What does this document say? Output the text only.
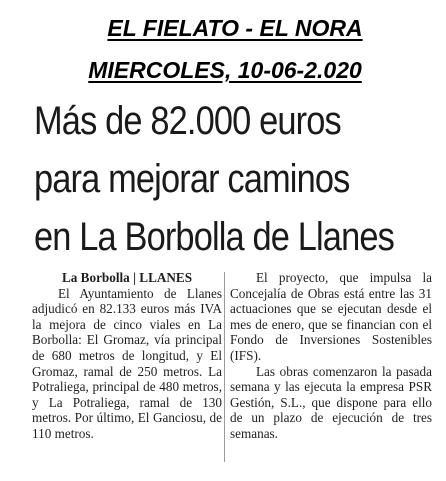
EL FIELATO - EL NORA
MIERCOLES, 10-06-2.020
Más de 82.000 euros
para mejorar caminos
en La Borbolla de Llanes
La Borbolla | LLANES

El Ayuntamiento de Llanes adjudicó en 82.133 euros más IVA la mejora de cinco viales en La Borbolla: El Gromaz, vía principal de 680 metros de longitud, y El Gromaz, ramal de 250 metros. La Potraliega, principal de 480 metros, y La Potraliega, ramal de 130 metros. Por último, El Ganciosu, de 110 metros.

El proyecto, que impulsa la Concejalía de Obras está entre las 31 actuaciones que se ejecutan desde el mes de enero, que se financian con el Fondo de Inversiones Sostenibles (IFS).

Las obras comenzaron la pasada semana y las ejecuta la empresa PSR Gestión, S.L., que dispone para ello de un plazo de ejecución de tres semanas.
